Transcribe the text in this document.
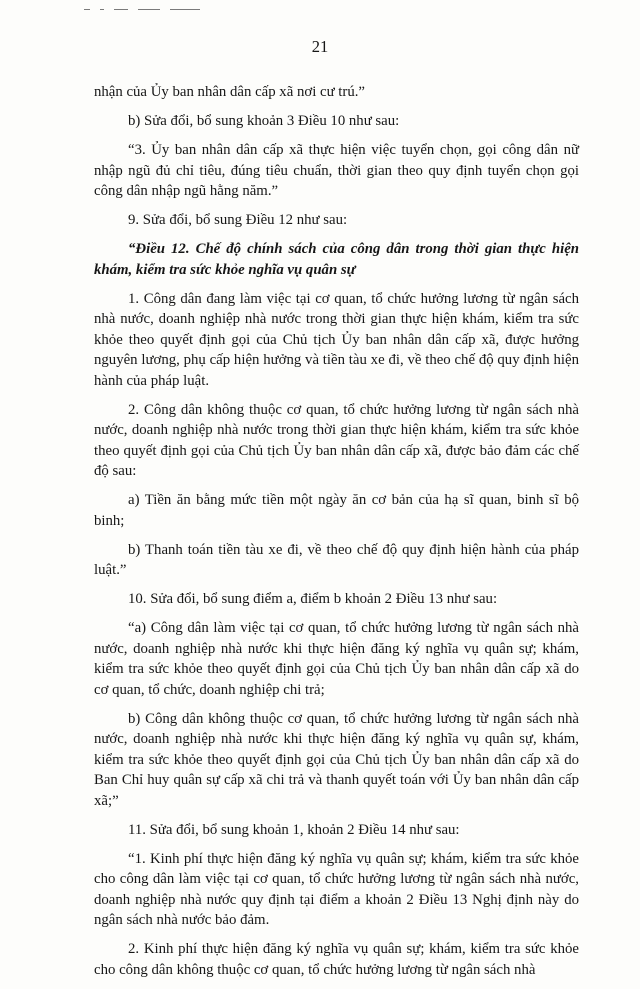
21

nhận của Ủy ban nhân dân cấp xã nơi cư trú.”

b) Sửa đổi, bổ sung khoản 3 Điều 10 như sau:

“3. Ủy ban nhân dân cấp xã thực hiện việc tuyển chọn, gọi công dân nữ nhập ngũ đủ chỉ tiêu, đúng tiêu chuẩn, thời gian theo quy định tuyển chọn gọi công dân nhập ngũ hằng năm.”

9. Sửa đổi, bổ sung Điều 12 như sau:

“Điều 12. Chế độ chính sách của công dân trong thời gian thực hiện khám, kiểm tra sức khỏe nghĩa vụ quân sự

1. Công dân đang làm việc tại cơ quan, tổ chức hưởng lương từ ngân sách nhà nước, doanh nghiệp nhà nước trong thời gian thực hiện khám, kiểm tra sức khỏe theo quyết định gọi của Chủ tịch Ủy ban nhân dân cấp xã, được hưởng nguyên lương, phụ cấp hiện hưởng và tiền tàu xe đi, về theo chế độ quy định hiện hành của pháp luật.

2. Công dân không thuộc cơ quan, tổ chức hưởng lương từ ngân sách nhà nước, doanh nghiệp nhà nước trong thời gian thực hiện khám, kiểm tra sức khỏe theo quyết định gọi của Chủ tịch Ủy ban nhân dân cấp xã, được bảo đảm các chế độ sau:

a) Tiền ăn bằng mức tiền một ngày ăn cơ bản của hạ sĩ quan, binh sĩ bộ binh;

b) Thanh toán tiền tàu xe đi, về theo chế độ quy định hiện hành của pháp luật.”

10. Sửa đổi, bổ sung điểm a, điểm b khoản 2 Điều 13 như sau:

“a) Công dân làm việc tại cơ quan, tổ chức hưởng lương từ ngân sách nhà nước, doanh nghiệp nhà nước khi thực hiện đăng ký nghĩa vụ quân sự; khám, kiểm tra sức khỏe theo quyết định gọi của Chủ tịch Ủy ban nhân dân cấp xã do cơ quan, tổ chức, doanh nghiệp chi trả;

b) Công dân không thuộc cơ quan, tổ chức hưởng lương từ ngân sách nhà nước, doanh nghiệp nhà nước khi thực hiện đăng ký nghĩa vụ quân sự, khám, kiểm tra sức khỏe theo quyết định gọi của Chủ tịch Ủy ban nhân dân cấp xã do Ban Chỉ huy quân sự cấp xã chi trả và thanh quyết toán với Ủy ban nhân dân cấp xã;”

11. Sửa đổi, bổ sung khoản 1, khoản 2 Điều 14 như sau:

“1. Kinh phí thực hiện đăng ký nghĩa vụ quân sự; khám, kiểm tra sức khỏe cho công dân làm việc tại cơ quan, tổ chức hưởng lương từ ngân sách nhà nước, doanh nghiệp nhà nước quy định tại điểm a khoản 2 Điều 13 Nghị định này do ngân sách nhà nước bảo đảm.

2. Kinh phí thực hiện đăng ký nghĩa vụ quân sự; khám, kiểm tra sức khỏe cho công dân không thuộc cơ quan, tổ chức hưởng lương từ ngân sách nhà
